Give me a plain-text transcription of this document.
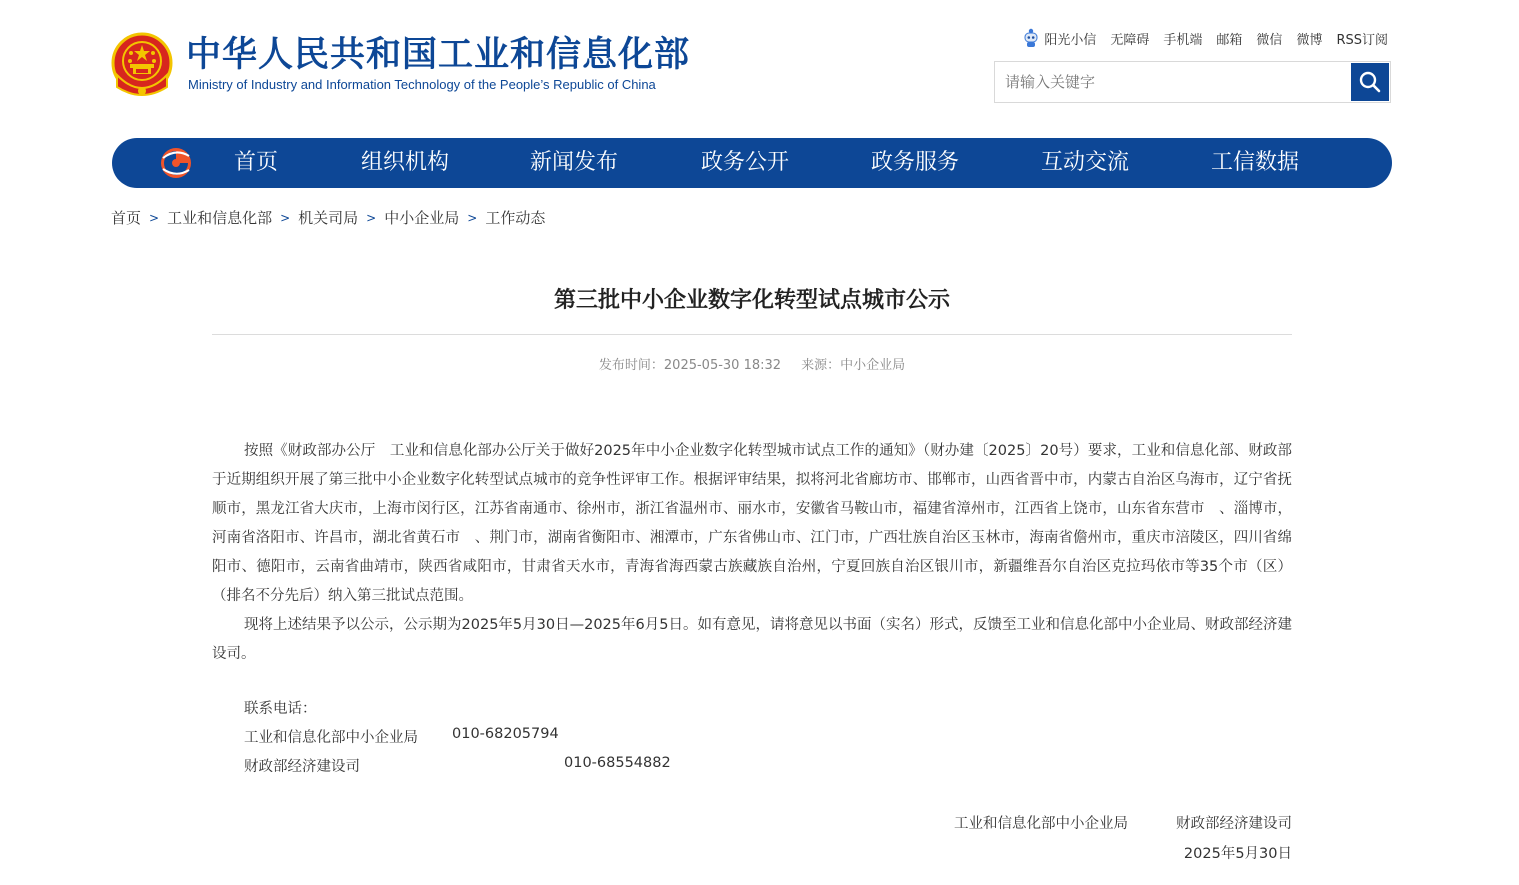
中华人民共和国工业和信息化部
Ministry of Industry and Information Technology of the People’s Republic of China
阳光小信 无障碍 手机端 邮箱 微信 微博 RSS订阅
请输入关键字
首页	组织机构	新闻发布	政务公开	政务服务	互动交流	工信数据
首页 > 工业和信息化部 > 机关司局 > 中小企业局 > 工作动态
第三批中小企业数字化转型试点城市公示
发布时间：2025-05-30 18:32 来源：中小企业局

按照《财政部办公厅　工业和信息化部办公厅关于做好2025年中小企业数字化转型城市试点工作的通知》（财办建〔2025〕20号）要求，工业和信息化部、财政部于近期组织开展了第三批中小企业数字化转型试点城市的竞争性评审工作。根据评审结果，拟将河北省廊坊市、邯郸市，山西省晋中市，内蒙古自治区乌海市，辽宁省抚顺市，黑龙江省大庆市，上海市闵行区，江苏省南通市、徐州市，浙江省温州市、丽水市，安徽省马鞍山市，福建省漳州市，江西省上饶市，山东省东营市　、淄博市，河南省洛阳市、许昌市，湖北省黄石市　、荆门市，湖南省衡阳市、湘潭市，广东省佛山市、江门市，广西壮族自治区玉林市，海南省儋州市，重庆市涪陵区，四川省绵阳市、德阳市，云南省曲靖市，陕西省咸阳市，甘肃省天水市，青海省海西蒙古族藏族自治州，宁夏回族自治区银川市，新疆维吾尔自治区克拉玛依市等35个市（区）（排名不分先后）纳入第三批试点范围。

现将上述结果予以公示，公示期为2025年5月30日—2025年6月5日。如有意见，请将意见以书面（实名）形式，反馈至工业和信息化部中小企业局、财政部经济建设司。

联系电话：
工业和信息化部中小企业局 010-68205794
财政部经济建设司	010-68554882
工业和信息化部中小企业局	财政部经济建设司
2025年5月30日
